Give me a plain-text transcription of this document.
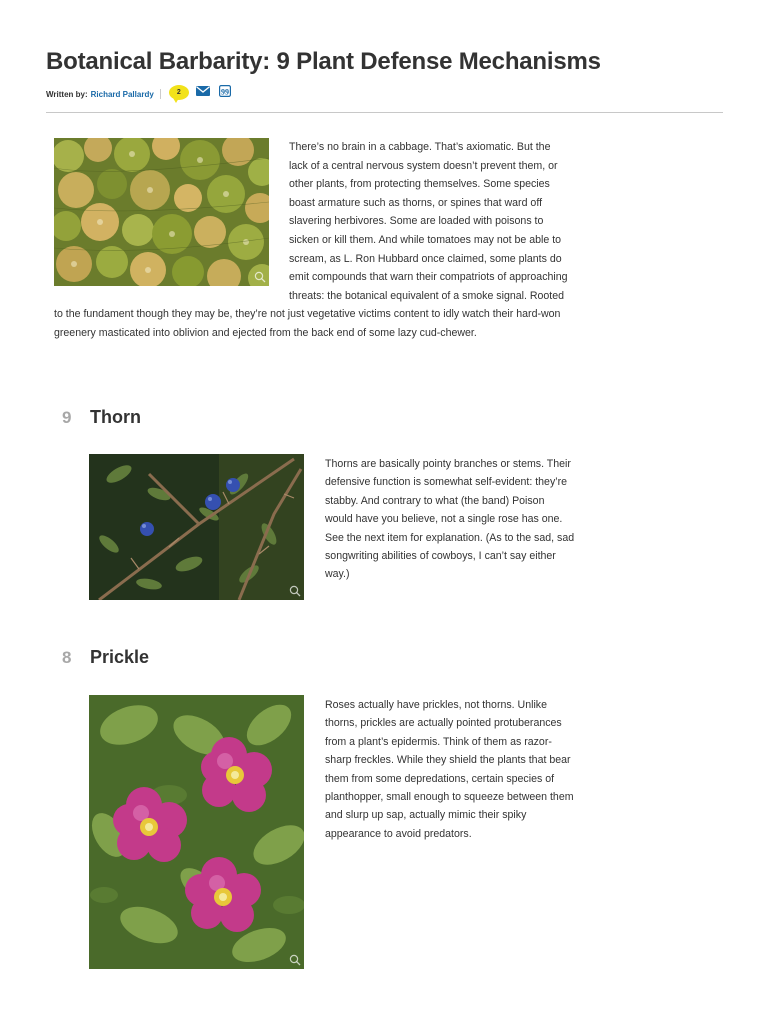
Botanical Barbarity: 9 Plant Defense Mechanisms
Written by: Richard Pallardy	2	99

There’s no brain in a cabbage. That’s axiomatic. But the lack of a central nervous system doesn’t prevent them, or other plants, from protecting themselves. Some species boast armature such as thorns, or spines that ward off slavering herbivores. Some are loaded with poisons to sicken or kill them. And while tomatoes may not be able to scream, as L. Ron Hubbard once claimed, some plants do emit compounds that warn their compatriots of approaching threats: the botanical equivalent of a smoke signal. Rooted to the fundament though they may be, they’re not just vegetative victims content to idly watch their hard-won greenery masticated into oblivion and ejected from the back end of some lazy cud-chewer.

9	Thorn

Thorns are basically pointy branches or stems. Their defensive function is somewhat self-evident: they’re stabby. And contrary to what (the band) Poison would have you believe, not a single rose has one. See the next item for explanation. (As to the sad, sad songwriting abilities of cowboys, I can’t say either way.)

8	Prickle

Roses actually have prickles, not thorns. Unlike thorns, prickles are actually pointed protuberances from a plant’s epidermis. Think of them as razor-sharp freckles. While they shield the plants that bear them from some depredations, certain species of planthopper, small enough to squeeze between them and slurp up sap, actually mimic their spiky appearance to avoid predators.
